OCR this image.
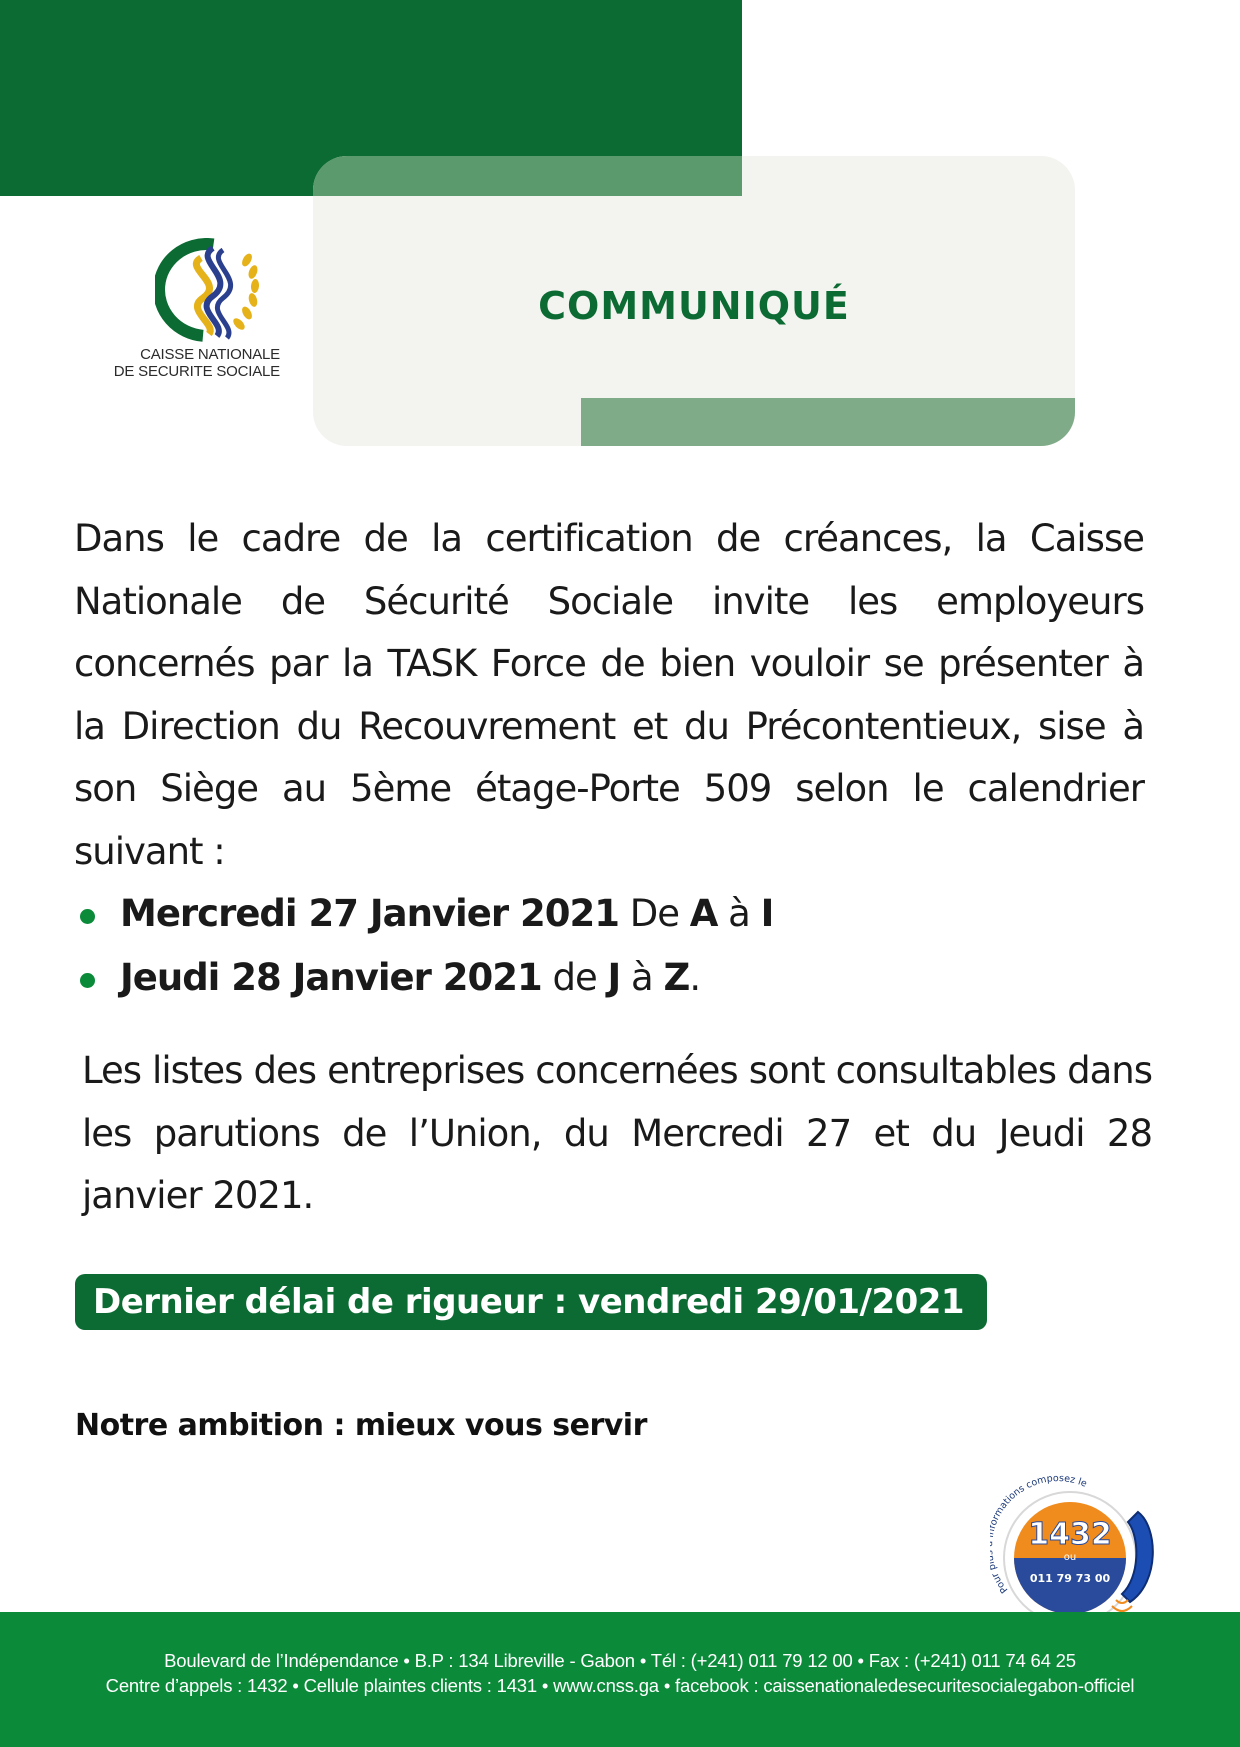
CAISSE NATIONALE
DE SECURITE SOCIALE
COMMUNIQUÉ

Dans le cadre de la certification de créances, la Caisse Nationale de Sécurité Sociale invite les employeurs concernés par la TASK Force de bien vouloir se présenter à la Direction du Recouvrement et du Précontentieux, sise à son Siège au 5ème étage-Porte 509 selon le calendrier suivant :

Mercredi 27 Janvier 2021 De A à I
Jeudi 28 Janvier 2021 de J à Z.

Les listes des entreprises concernées sont consultables dans les parutions de l’Union, du Mercredi 27 et du Jeudi 28 janvier 2021.

Dernier délai de rigueur : vendredi 29/01/2021
Notre ambition : mieux vous servir
Pour rmations composez le
1432
ou
011 79 73 00

Boulevard de l’Indépendance • B.P : 134 Libreville - Gabon • Tél : (+241) 011 79 12 00 • Fax : (+241) 011 74 64 25

Centre d’appels : 1432 • Cellule plaintes clients : 1431 • www.cnss.ga • facebook : caissenationaledesecuritesocialegabon-officiel
